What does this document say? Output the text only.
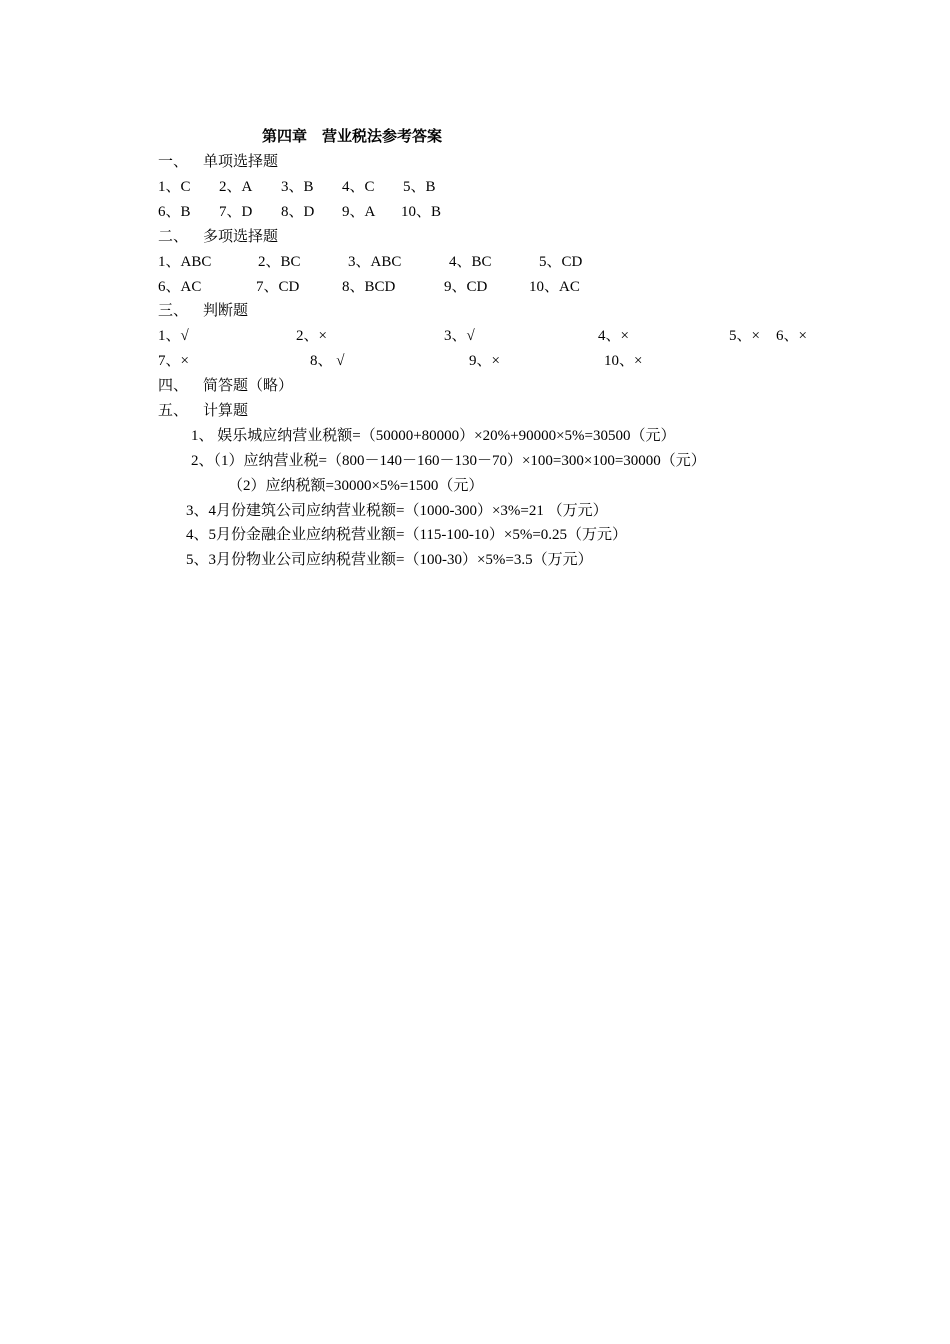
第四章    营业税法参考答案
一、    单项选择题
1、C 2、A 3、B 4、C 5、B
6、B 7、D 8、D 9、A 10、B
二、    多项选择题
1、ABC	2、BC	3、ABC	4、BC	5、CD
6、AC	7、CD	8、BCD	9、CD	10、AC
三、    判断题
1、√	2、×	3、√	4、×	5、× 6、×
7、×	8、 √	9、×	10、×
四、    简答题（略）
五、    计算题
1、 娱乐城应纳营业税额=（50000+80000）×20%+90000×5%=30500（元）
2、（1）应纳营业税=（800－140－160－130－70）×100=300×100=30000（元）
（2）应纳税额=30000×5%=1500（元）
3、4月份建筑公司应纳营业税额=（1000-300）×3%=21 （万元）
4、5月份金融企业应纳税营业额=（115-100-10）×5%=0.25（万元）
5、3月份物业公司应纳税营业额=（100-30）×5%=3.5（万元）
